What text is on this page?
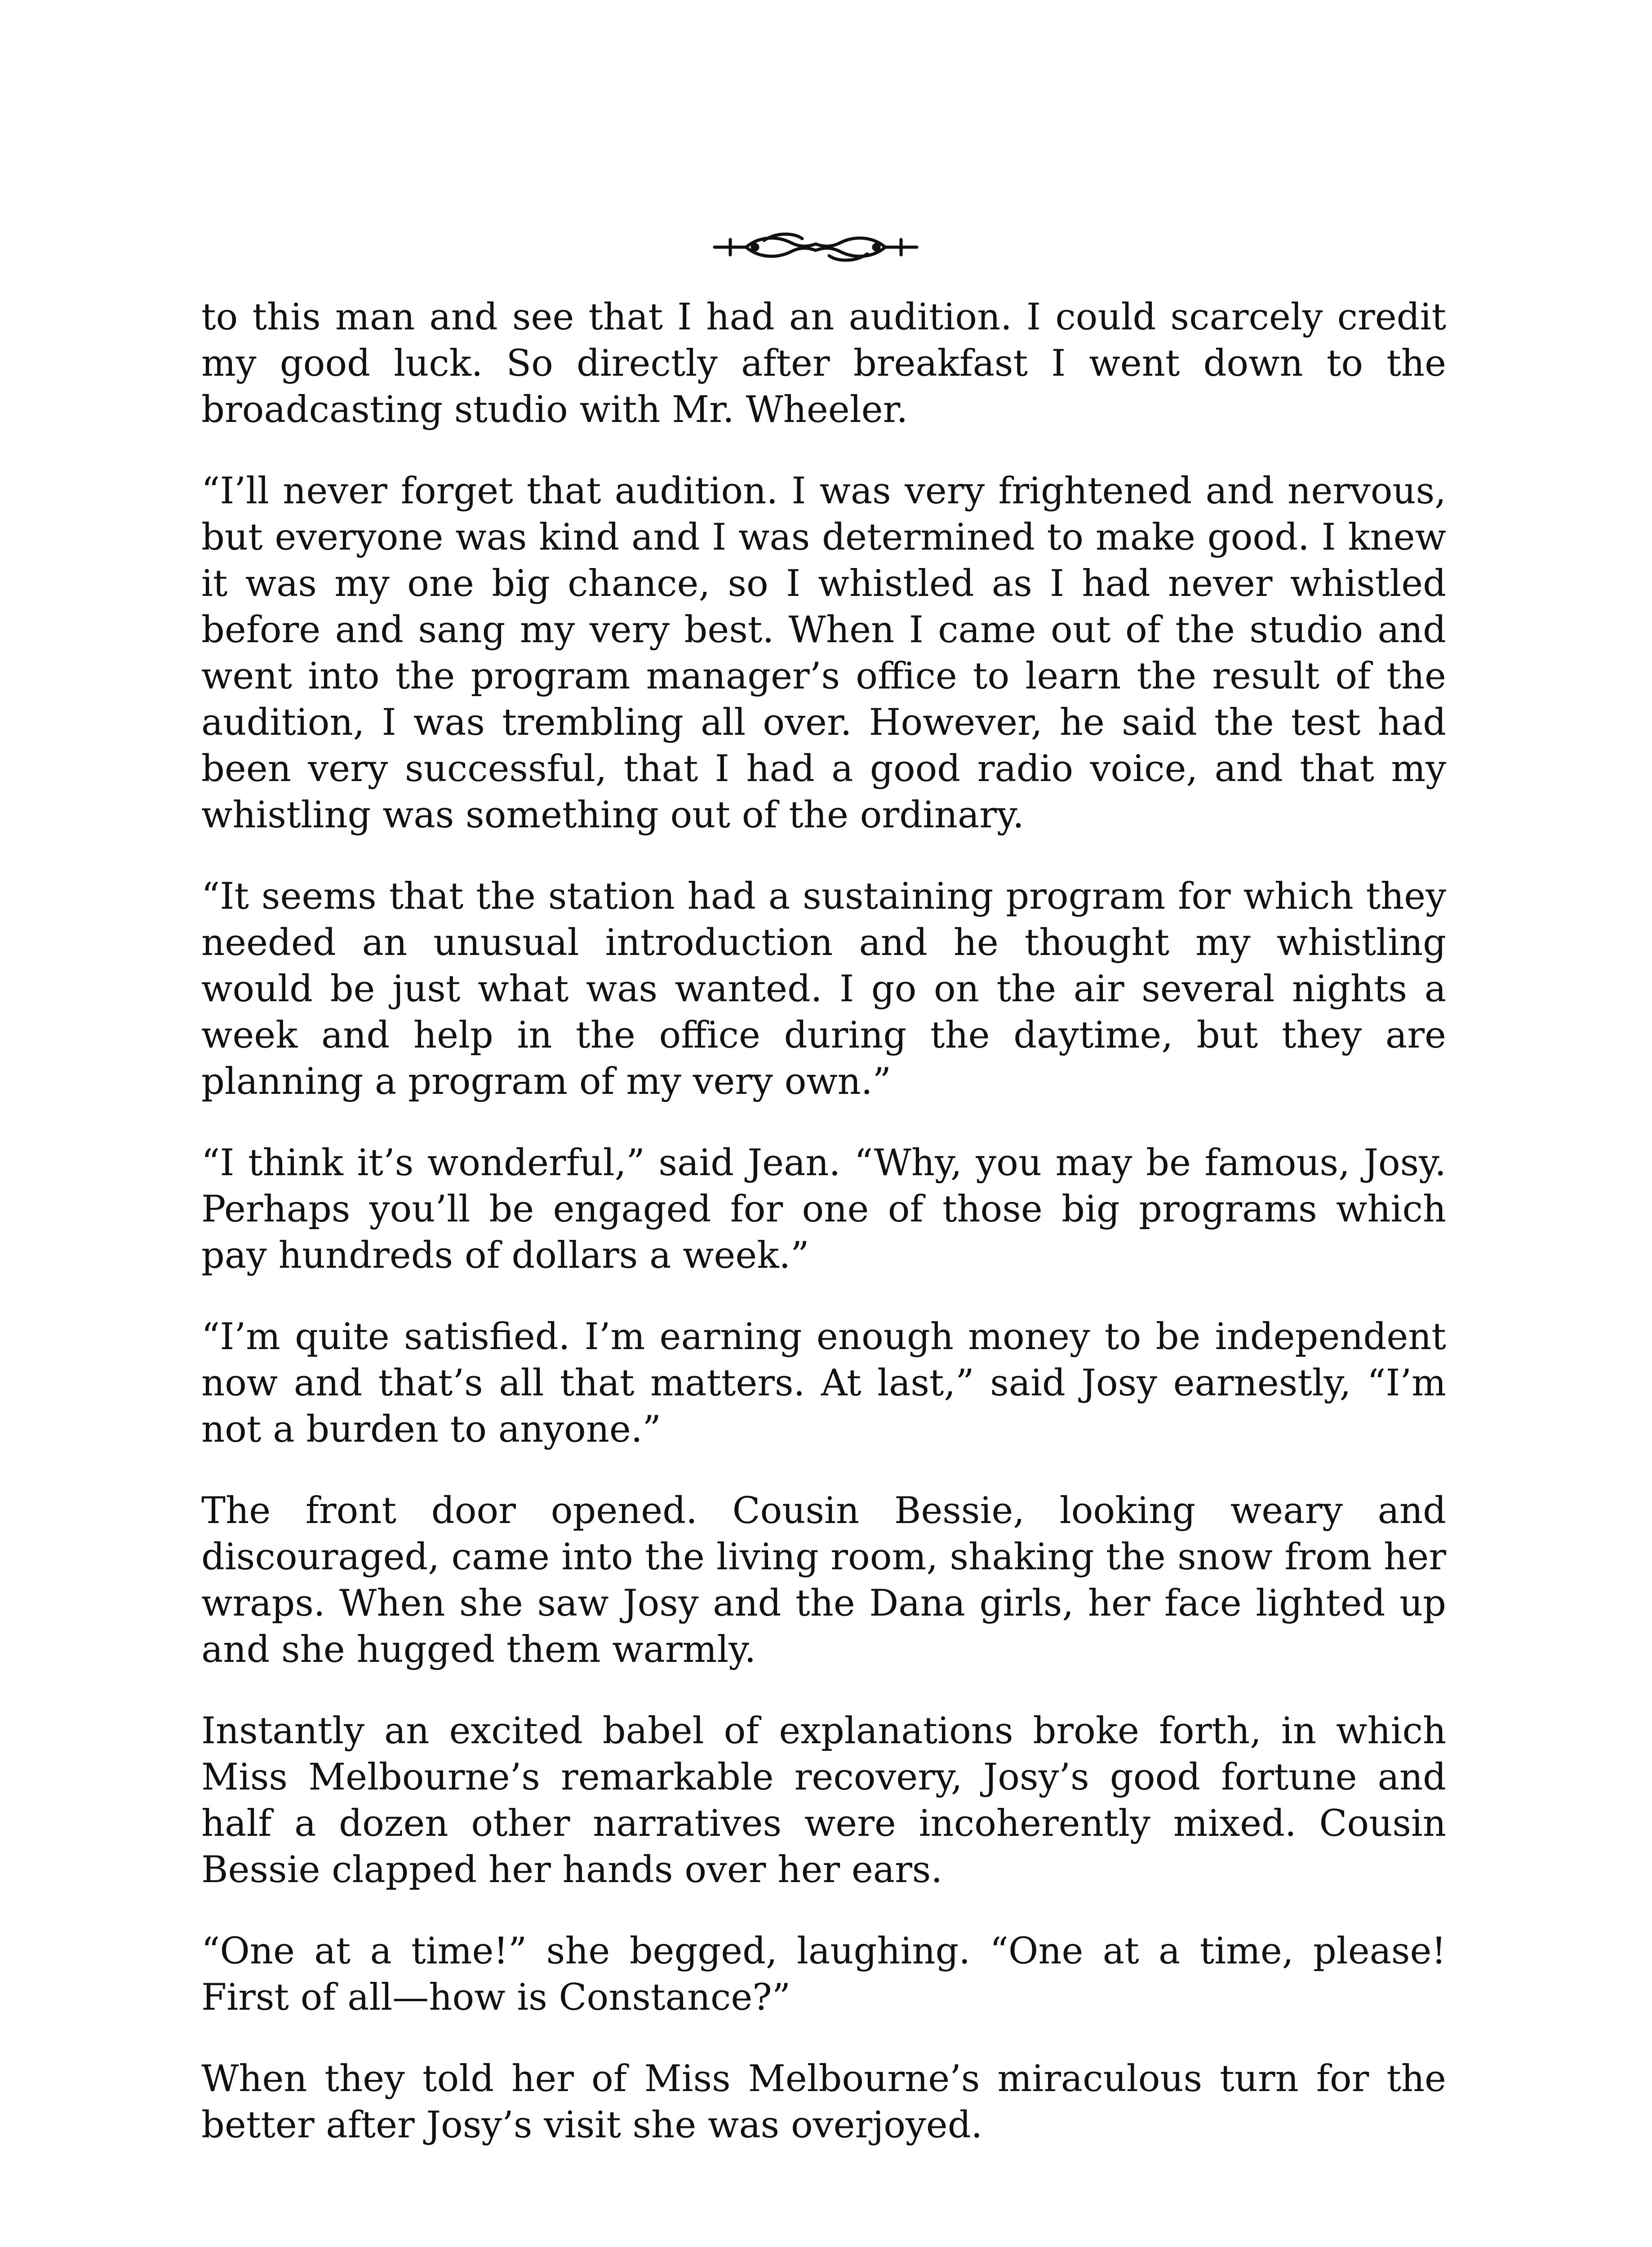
to this man and see that I had an audition. I could scarcely credit my good luck. So directly after breakfast I went down to the broadcasting studio with Mr. Wheeler.

“I’ll never forget that audition. I was very frightened and nervous, but everyone was kind and I was determined to make good. I knew it was my one big chance, so I whistled as I had never whistled before and sang my very best. When I came out of the studio and went into the program manager’s office to learn the result of the audition, I was trembling all over. However, he said the test had been very successful, that I had a good radio voice, and that my whistling was something out of the ordinary.

“It seems that the station had a sustaining program for which they needed an unusual introduction and he thought my whistling would be just what was wanted. I go on the air several nights a week and help in the office during the daytime, but they are planning a program of my very own.”

“I think it’s wonderful,” said Jean. “Why, you may be famous, Josy. Perhaps you’ll be engaged for one of those big programs which pay hundreds of dollars a week.”

“I’m quite satisfied. I’m earning enough money to be independent now and that’s all that matters. At last,” said Josy earnestly, “I’m not a burden to anyone.”

The front door opened. Cousin Bessie, looking weary and discouraged, came into the living room, shaking the snow from her wraps. When she saw Josy and the Dana girls, her face lighted up and she hugged them warmly.

Instantly an excited babel of explanations broke forth, in which Miss Melbourne’s remarkable recovery, Josy’s good fortune and half a dozen other narratives were incoherently mixed. Cousin Bessie clapped her hands over her ears.

“One at a time!” she begged, laughing. “One at a time, please! First of all—how is Constance?”

When they told her of Miss Melbourne’s miraculous turn for the better after Josy’s visit she was overjoyed.
